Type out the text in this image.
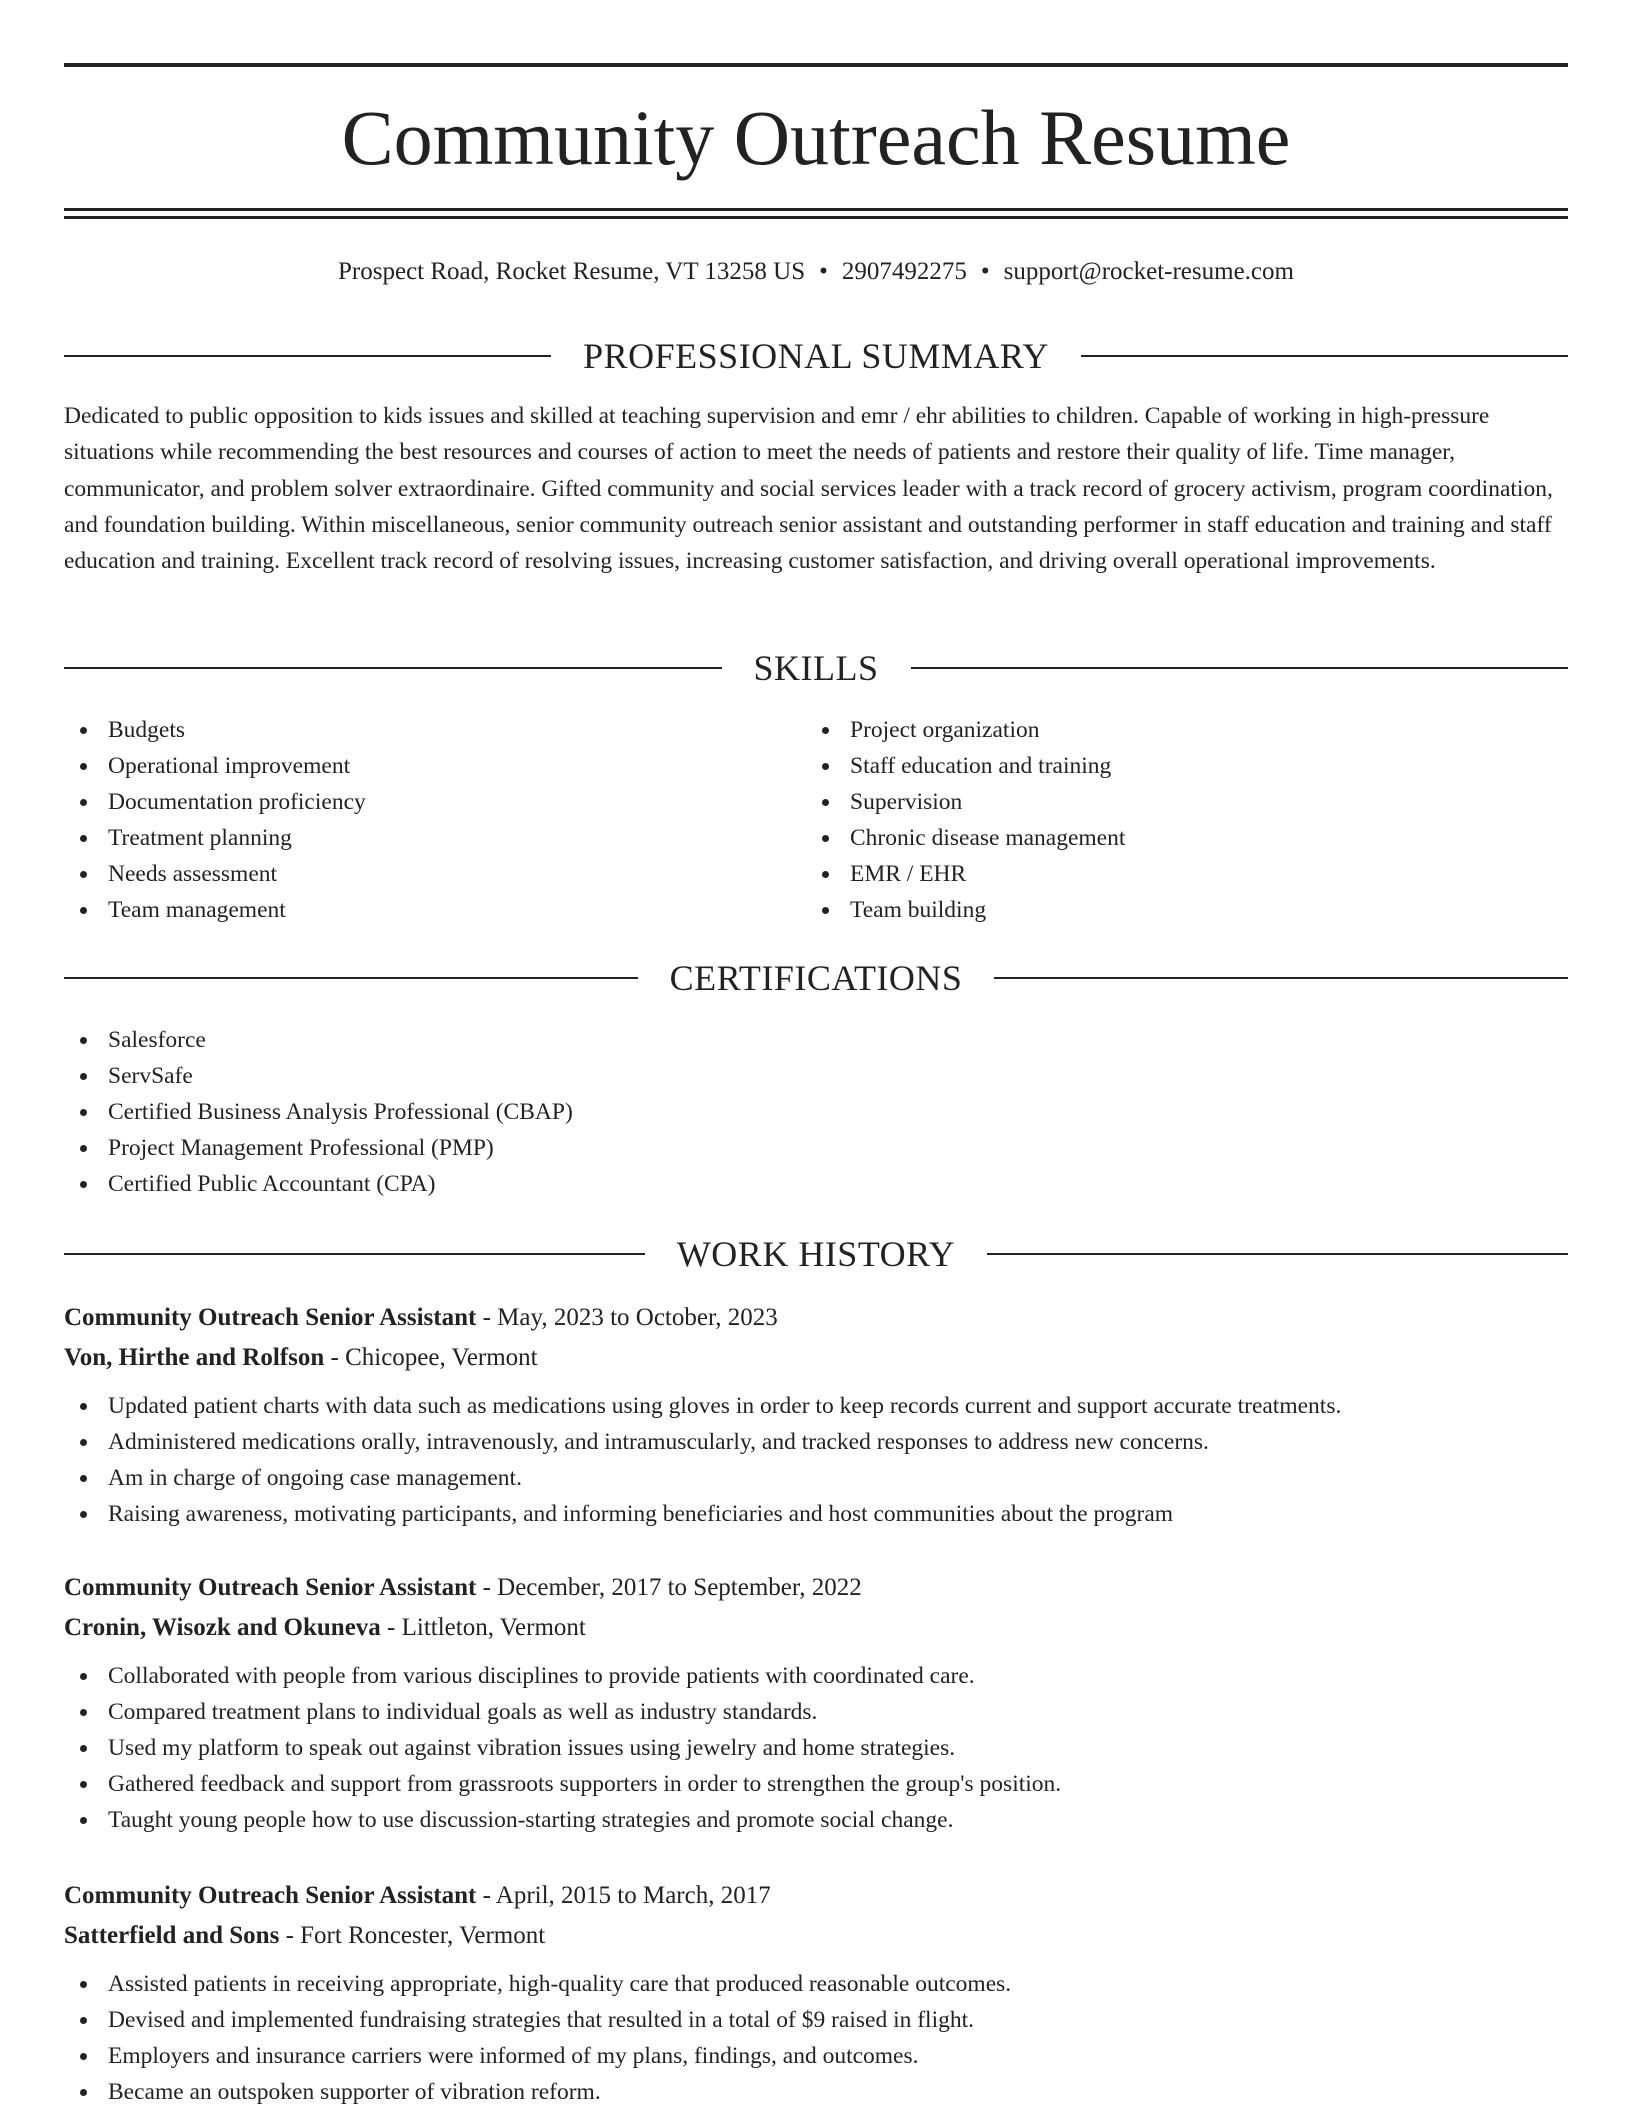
Community Outreach Resume
Prospect Road, Rocket Resume, VT 13258 US • 2907492275 • support@rocket-resume.com
PROFESSIONAL SUMMARY

Dedicated to public opposition to kids issues and skilled at teaching supervision and emr / ehr abilities to children. Capable of working in high-pressure situations while recommending the best resources and courses of action to meet the needs of patients and restore their quality of life. Time manager, communicator, and problem solver extraordinaire. Gifted community and social services leader with a track record of grocery activism, program coordination, and foundation building. Within miscellaneous, senior community outreach senior assistant and outstanding performer in staff education and training and staff education and training. Excellent track record of resolving issues, increasing customer satisfaction, and driving overall operational improvements.

SKILLS
Budgets
Operational improvement
Documentation proficiency
Treatment planning
Needs assessment
Team management
Project organization
Staff education and training
Supervision
Chronic disease management
EMR / EHR
Team building
CERTIFICATIONS
Salesforce
ServSafe
Certified Business Analysis Professional (CBAP)
Project Management Professional (PMP)
Certified Public Accountant (CPA)
WORK HISTORY
Community Outreach Senior Assistant - May, 2023 to October, 2023
Von, Hirthe and Rolfson - Chicopee, Vermont
Updated patient charts with data such as medications using gloves in order to keep records current and support accurate treatments.
Administered medications orally, intravenously, and intramuscularly, and tracked responses to address new concerns.
Am in charge of ongoing case management.
Raising awareness, motivating participants, and informing beneficiaries and host communities about the program
Community Outreach Senior Assistant - December, 2017 to September, 2022
Cronin, Wisozk and Okuneva - Littleton, Vermont
Collaborated with people from various disciplines to provide patients with coordinated care.
Compared treatment plans to individual goals as well as industry standards.
Used my platform to speak out against vibration issues using jewelry and home strategies.
Gathered feedback and support from grassroots supporters in order to strengthen the group's position.
Taught young people how to use discussion-starting strategies and promote social change.
Community Outreach Senior Assistant - April, 2015 to March, 2017
Satterfield and Sons - Fort Roncester, Vermont
Assisted patients in receiving appropriate, high-quality care that produced reasonable outcomes.
Devised and implemented fundraising strategies that resulted in a total of $9 raised in flight.
Employers and insurance carriers were informed of my plans, findings, and outcomes.
Became an outspoken supporter of vibration reform.
